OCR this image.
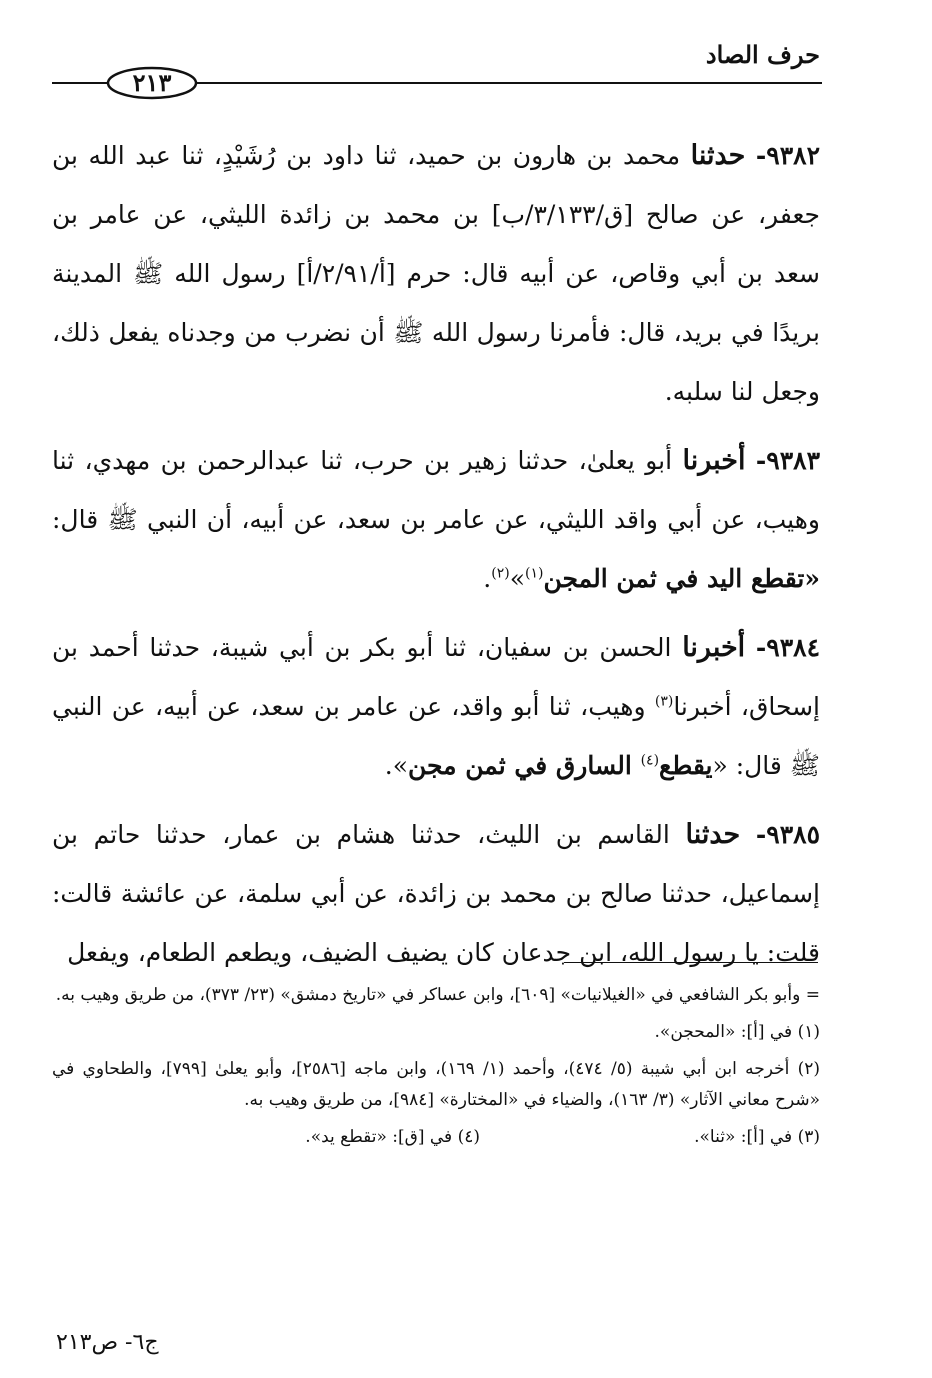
حرف الصاد
٢١٣

٩٣٨٢- حدثنا محمد بن هارون بن حميد، ثنا داود بن رُشَيْدٍ، ثنا عبد الله بن جعفر، عن صالح [ق/٣/١٣٣/ب] بن محمد بن زائدة الليثي، عن عامر بن سعد بن أبي وقاص، عن أبيه قال: حرم [أ/٢/٩١/أ] رسول الله ﷺ المدينة بريدًا في بريد، قال: فأمرنا رسول الله ﷺ أن نضرب من وجدناه يفعل ذلك، وجعل لنا سلبه.

٩٣٨٣- أخبرنا أبو يعلىٰ، حدثنا زهير بن حرب، ثنا عبدالرحمن بن مهدي، ثنا وهيب، عن أبي واقد الليثي، عن عامر بن سعد، عن أبيه، أن النبي ﷺ قال: «تقطع اليد في ثمن المجن$^{(١)}$»$^{(٢)}$.

٩٣٨٤- أخبرنا الحسن بن سفيان، ثنا أبو بكر بن أبي شيبة، حدثنا أحمد بن إسحاق، أخبرنا$^{(٣)}$ وهيب، ثنا أبو واقد، عن عامر بن سعد، عن أبيه، عن النبي ﷺ قال: «يقطع$^{(٤)}$ السارق في ثمن مجن».

٩٣٨٥- حدثنا القاسم بن الليث، حدثنا هشام بن عمار، حدثنا حاتم بن إسماعيل، حدثنا صالح بن محمد بن زائدة، عن أبي سلمة، عن عائشة قالت: قلت: يا رسول الله، ابن جدعان كان يضيف الضيف، ويطعم الطعام، ويفعل

= وأبو بكر الشافعي في «الغيلانيات» [٦٠٩]، وابن عساكر في «تاريخ دمشق» (٢٣/ ٣٧٣)، من طريق وهيب به.

(١) في [أ]: «المحجن».

(٢) أخرجه ابن أبي شيبة (٥/ ٤٧٤)، وأحمد (١/ ١٦٩)، وابن ماجه [٢٥٨٦]، وأبو يعلىٰ [٧٩٩]، والطحاوي في «شرح معاني الآثار» (٣/ ١٦٣)، والضياء في «المختارة» [٩٨٤]، من طريق وهيب به.

(٣) في [أ]: «ثنا».
(٤) في [ق]: «تقطع يد».
ج٦- ص٢١٣
